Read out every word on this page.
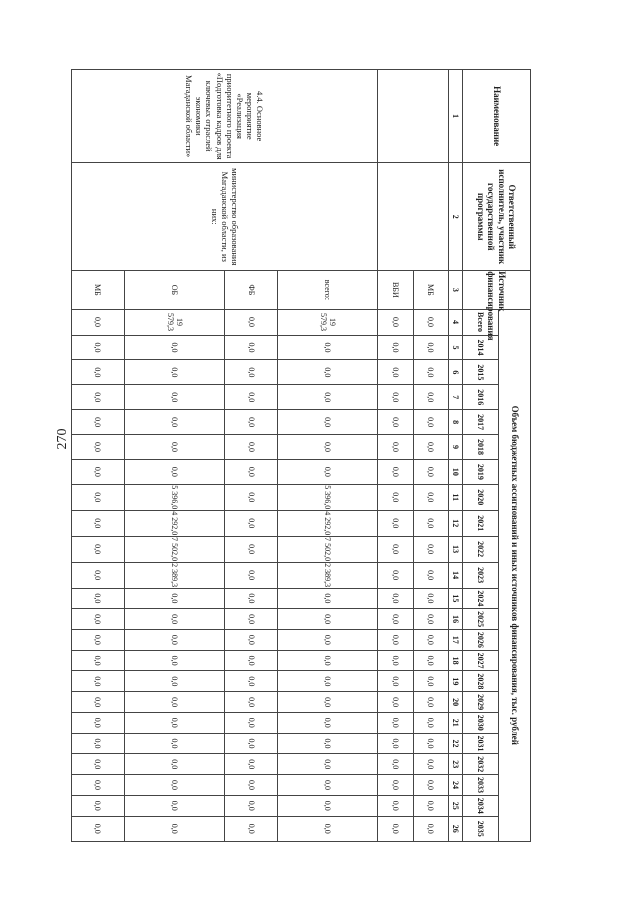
270
Наименование	Ответственный исполнитель, участник государственной программы	Источник финансирования	Объем бюджетных ассигнований и иных источников финансирования, тыс. рублей																						
			Всего	2014	2015	2016	2017	2018	2019	2020	2021	2022	2023	2024	2025	2026	2027	2028	2029	2030	2031	2032	2033	2034	2035
1	2	3	4	5	6	7	8	9	10	11	12	13	14	15	16	17	18	19	20	21	22	23	24	25	26
		МБ	0,0	0,0	0,0	0,0	0,0	0,0	0,0	0,0	0,0	0,0	0,0	0,0	0,0	0,0	0,0	0,0	0,0	0,0	0,0	0,0	0,0	0,0	0,0
		ВБИ	0,0	0,0	0,0	0,0	0,0	0,0	0,0	0,0	0,0	0,0	0,0	0,0	0,0	0,0	0,0	0,0	0,0	0,0	0,0	0,0	0,0	0,0	0,0
4.4. Основное мероприятие «Реализация приоритетного проекта «Подготовка кадров для ключевых отраслей экономики Магаданской области»	министерство образования Магаданской области, из них:	всего:	19 579,3	0,0	0,0	0,0	0,0	0,0	0,0	5 396,0	4 292,0	7 502,0	2 389,3	0,0	0,0	0,0	0,0	0,0	0,0	0,0	0,0	0,0	0,0	0,0	0,0
		ФБ	0,0	0,0	0,0	0,0	0,0	0,0	0,0	0,0	0,0	0,0	0,0	0,0	0,0	0,0	0,0	0,0	0,0	0,0	0,0	0,0	0,0	0,0	0,0
		ОБ	19 579,3	0,0	0,0	0,0	0,0	0,0	0,0	5 396,0	4 292,0	7 502,0	2 389,3	0,0	0,0	0,0	0,0	0,0	0,0	0,0	0,0	0,0	0,0	0,0	0,0
		МБ	0,0	0,0	0,0	0,0	0,0	0,0	0,0	0,0	0,0	0,0	0,0	0,0	0,0	0,0	0,0	0,0	0,0	0,0	0,0	0,0	0,0	0,0	0,0
